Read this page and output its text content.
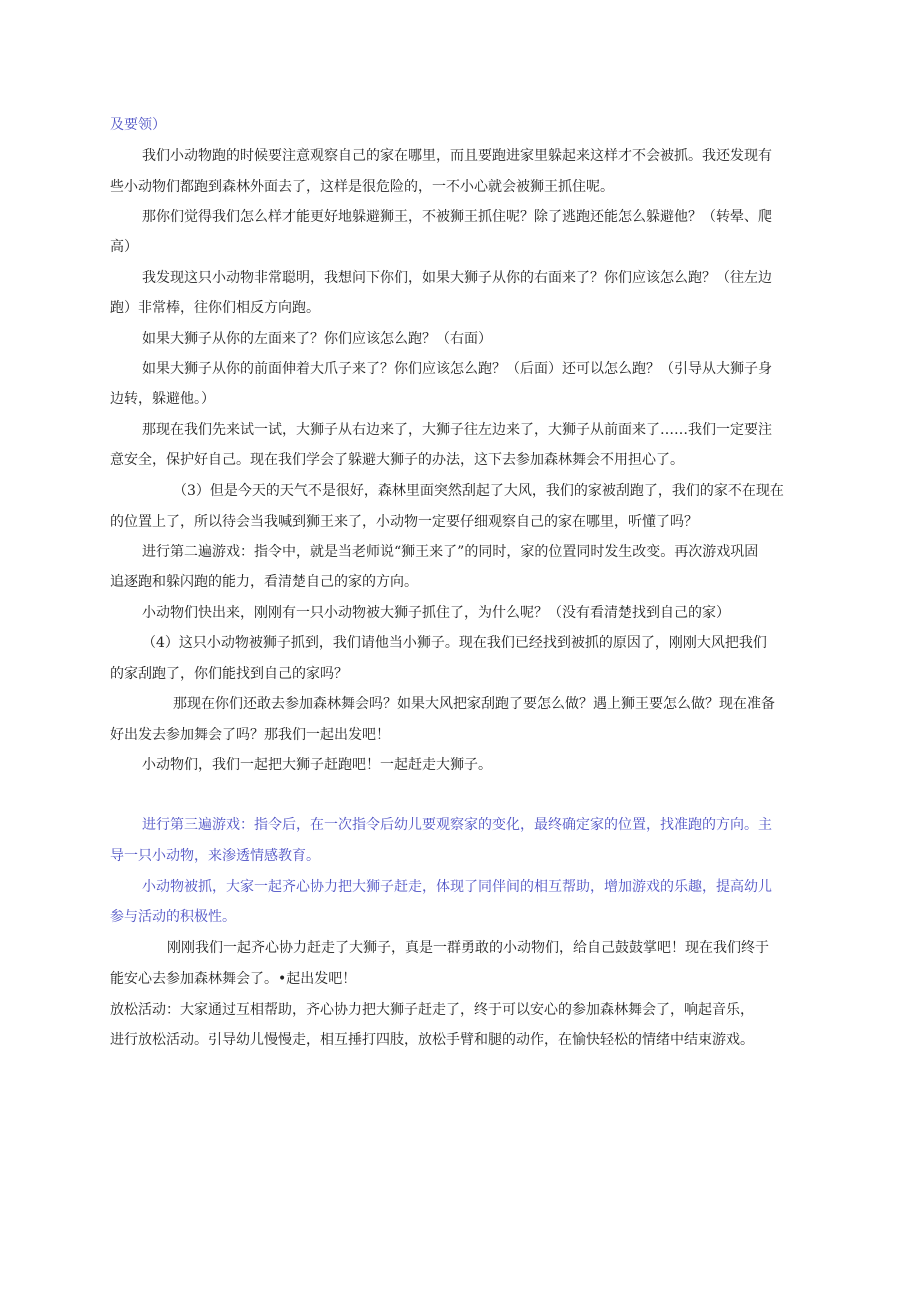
及要领）

我们小动物跑的时候要注意观察自己的家在哪里，而且要跑进家里躲起来这样才不会被抓。我还发现有

些小动物们都跑到森林外面去了，这样是很危险的，一不小心就会被狮王抓住呢。

那你们觉得我们怎么样才能更好地躲避狮王，不被狮王抓住呢？除了逃跑还能怎么躲避他？（转晕、爬

高）

我发现这只小动物非常聪明，我想问下你们，如果大狮子从你的右面来了？你们应该怎么跑？（往左边

跑）非常棒，往你们相反方向跑。

如果大狮子从你的左面来了？你们应该怎么跑？（右面）

如果大狮子从你的前面伸着大爪子来了？你们应该怎么跑？（后面）还可以怎么跑？（引导从大狮子身

边转，躲避他。）

那现在我们先来试一试，大狮子从右边来了，大狮子往左边来了，大狮子从前面来了……我们一定要注

意安全，保护好自己。现在我们学会了躲避大狮子的办法，这下去参加森林舞会不用担心了。

（3）但是今天的天气不是很好，森林里面突然刮起了大风，我们的家被刮跑了，我们的家不在现在

的位置上了，所以待会当我喊到狮王来了，小动物一定要仔细观察自己的家在哪里，听懂了吗？

进行第二遍游戏：指令中，就是当老师说“狮王来了”的同时，家的位置同时发生改变。再次游戏巩固

追逐跑和躲闪跑的能力，看清楚自己的家的方向。

小动物们快出来，刚刚有一只小动物被大狮子抓住了，为什么呢？（没有看清楚找到自己的家）

（4）这只小动物被狮子抓到，我们请他当小狮子。现在我们已经找到被抓的原因了，刚刚大风把我们

的家刮跑了，你们能找到自己的家吗？

那现在你们还敢去参加森林舞会吗？如果大风把家刮跑了要怎么做？遇上狮王要怎么做？现在准备

好出发去参加舞会了吗？那我们一起出发吧！

小动物们，我们一起把大狮子赶跑吧！一起赶走大狮子。

进行第三遍游戏：指令后，在一次指令后幼儿要观察家的变化，最终确定家的位置，找准跑的方向。主

导一只小动物，来渗透情感教育。

小动物被抓，大家一起齐心协力把大狮子赶走，体现了同伴间的相互帮助，增加游戏的乐趣，提高幼儿

参与活动的积极性。

刚刚我们一起齐心协力赶走了大狮子，真是一群勇敢的小动物们，给自己鼓鼓掌吧！现在我们终于

能安心去参加森林舞会了。•起出发吧！

放松活动：大家通过互相帮助，齐心协力把大狮子赶走了，终于可以安心的参加森林舞会了，响起音乐，

进行放松活动。引导幼儿慢慢走，相互捶打四肢，放松手臂和腿的动作，在愉快轻松的情绪中结束游戏。
